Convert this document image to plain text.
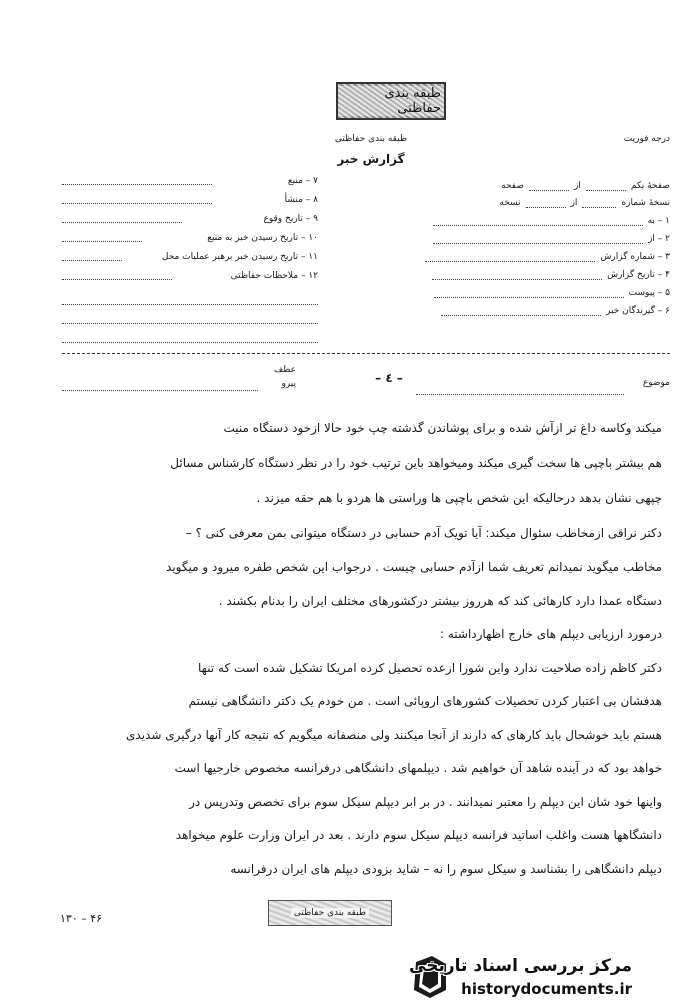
طبقه بندی حفاظتی
طبقه بندی حفاظتی
گزارش خبر
درجه فوریت
۷ – منبع
۸ – منشأ
۹ – تاریخ وقوع
۱۰ – تاریخ رسیدن خبر به منبع
۱۱ – تاریخ رسیدن خبر برهبر عملیات محل
۱۲ – ملاحظات حفاظتی
صفحهٔ یکم
از
صفحه
نسخهٔ شماره
از
نسخه
۱ – به
۲ – از
۳ – شماره گزارش
۴ – تاریخ گزارش
۵ – پیوست
۶ – گیرندگان خبر
موضوع
– ٤ –
عطف
پیرو
میکند وکاسه داغ تر ازآش شده و برای پوشاندن گذشته چپ خود حالا ازخود دستگاه منیت
هم بیشتر باچپی ها سخت گیری میکند ومیخواهد باین ترتیب خود را در نظر دستگاه کارشناس مسائل
چپهی نشان بدهد درحالیکه این شخص باچپی ها وراستی ها هردو با هم حقه میزند .
دکتر نراقی ازمخاطب سئوال میکند: آیا تویک آدم حسابی در دستگاه میتوانی بمن معرفی کنی ؟ –
مخاطب میگوید نمیدانم تعریف شما ازآدم حسابی چیست . درجواب این شخص طفره میرود و میگوید
دستگاه عمدا دارد کارهائی کند که هرروز بیشتر درکشورهای مختلف ایران را بدنام بکشند .
درمورد ارزیابی دیپلم های خارج اظهارداشته :
دکتر کاظم زاده صلاحیت ندارد واین شورا ازعده تحصیل کرده امریکا تشکیل شده است که تنها
هدفشان بی اعتبار کردن تحصیلات کشورهای اروپائی است . من خودم یک دکتر دانشگاهی نیستم
هستم باید خوشحال باید کارهای که دارند از آنجا میکنند ولی منصفانه میگویم که نتیجه کار آنها درگیری شدیدی
خواهد بود که در آینده شاهد آن خواهیم شد . دیپلمهای دانشگاهی درفرانسه مخصوص خارجیها است
واینها خود شان این دیپلم را معتبر نمیدانند . در بر ابر دیپلم سیکل سوم برای تخصص وتدریس در
دانشگاهها هست واغلب اساتید فرانسه دیپلم سیکل سوم دارند . بعد در ایران وزارت علوم میخواهد
دیپلم دانشگاهی را بشناسد و سیکل سوم را نه – شاید بزودی دیپلم های ایران درفرانسه
طبقه بندی حفاظتی
۴۶ – ۱۳۰
مرکز بررسی اسناد تاریخی
historydocuments.ir
